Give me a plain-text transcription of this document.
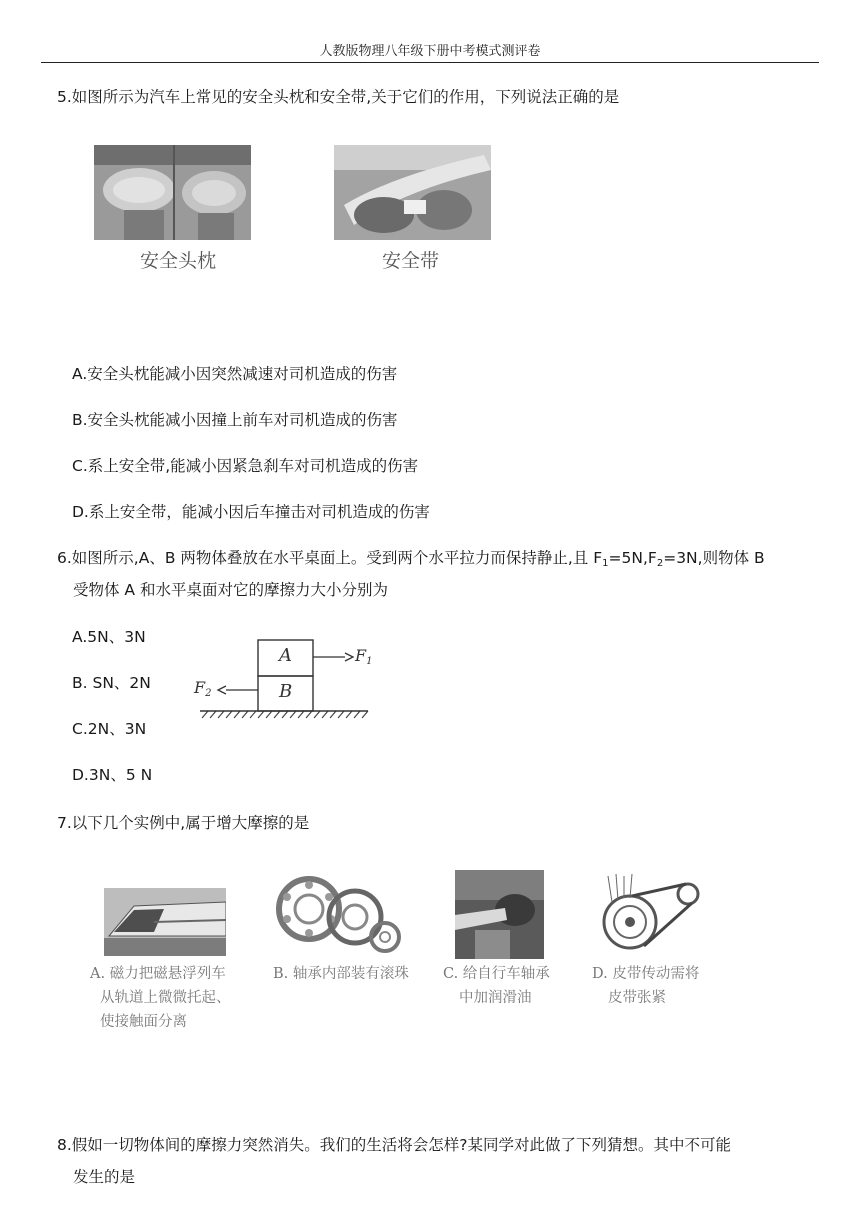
人教版物理八年级下册中考模式测评卷
5.如图所示为汽车上常见的安全头枕和安全带,关于它们的作用，下列说法正确的是
安全头枕	安全带
A.安全头枕能减小因突然减速对司机造成的伤害
B.安全头枕能减小因撞上前车对司机造成的伤害
C.系上安全带,能减小因紧急刹车对司机造成的伤害
D.系上安全带，能减小因后车撞击对司机造成的伤害
6.如图所示,A、B 两物体叠放在水平桌面上。受到两个水平拉力而保持静止,且 $F_1=5N,F_2=3N$,则物体 B
受物体 A 和水平桌面对它的摩擦力大小分别为
A.5N、3N
B. SN、2N
C.2N、3N
D.3N、5 N
A
B
$F_1$
$F_2$
7.以下几个实例中,属于增大摩擦的是
A. 磁力把磁悬浮列车
从轨道上微微托起、
使接触面分离
B. 轴承内部装有滚珠 C. 给自行车轴承
中加润滑油
D. 皮带传动需将
皮带张紧
8.假如一切物体间的摩擦力突然消失。我们的生活将会怎样?某同学对此做了下列猜想。其中不可能
发生的是
